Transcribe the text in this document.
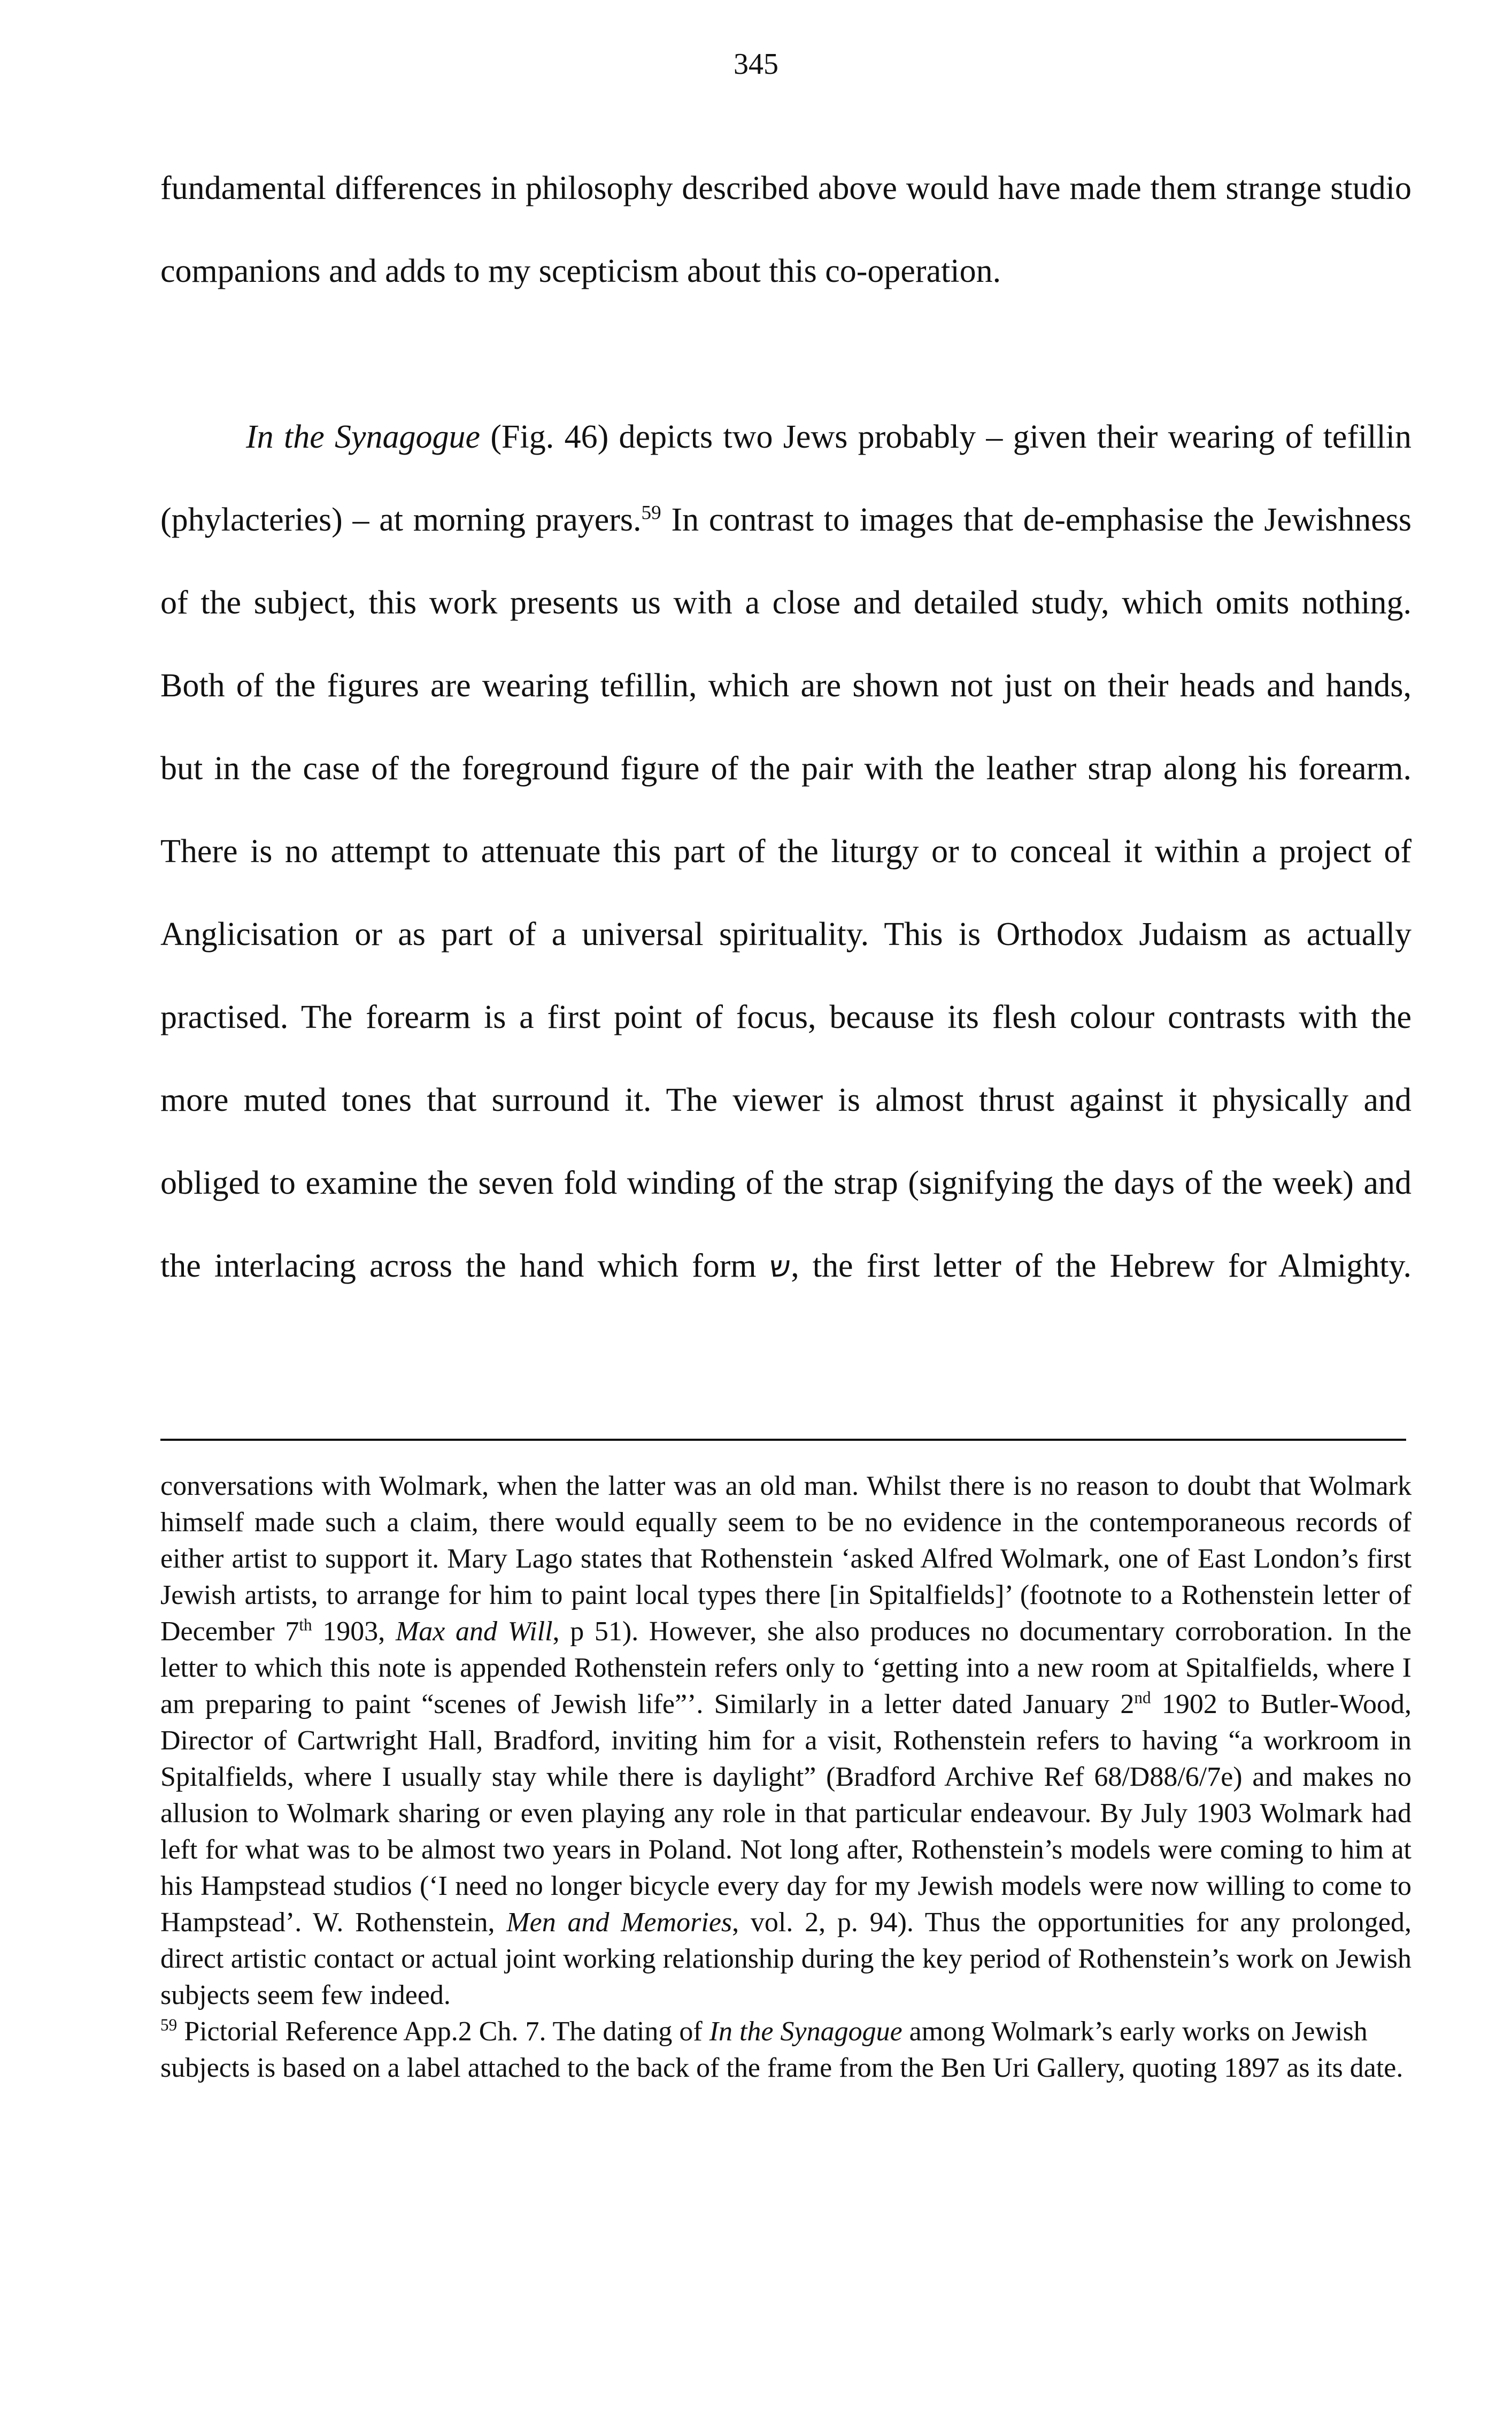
345

fundamental differences in philosophy described above would have made them strange studio companions and adds to my scepticism about this co-operation.

In the Synagogue (Fig. 46) depicts two Jews probably – given their wearing of tefillin (phylacteries) – at morning prayers.$^{59}$ In contrast to images that de-emphasise the Jewishness of the subject, this work presents us with a close and detailed study, which omits nothing. Both of the figures are wearing tefillin, which are shown not just on their heads and hands, but in the case of the foreground figure of the pair with the leather strap along his forearm. There is no attempt to attenuate this part of the liturgy or to conceal it within a project of Anglicisation or as part of a universal spirituality. This is Orthodox Judaism as actually practised. The forearm is a first point of focus, because its flesh colour contrasts with the more muted tones that surround it. The viewer is almost thrust against it physically and obliged to examine the seven fold winding of the strap (signifying the days of the week) and the interlacing across the hand which form ש, the first letter of the Hebrew for Almighty.

conversations with Wolmark, when the latter was an old man. Whilst there is no reason to doubt that Wolmark himself made such a claim, there would equally seem to be no evidence in the contemporaneous records of either artist to support it. Mary Lago states that Rothenstein ‘asked Alfred Wolmark, one of East London’s first Jewish artists, to arrange for him to paint local types there [in Spitalfields]’ (footnote to a Rothenstein letter of December 7th 1903, Max and Will, p 51). However, she also produces no documentary corroboration. In the letter to which this note is appended Rothenstein refers only to ‘getting into a new room at Spitalfields, where I am preparing to paint “scenes of Jewish life”’. Similarly in a letter dated January 2nd 1902 to Butler-Wood, Director of Cartwright Hall, Bradford, inviting him for a visit, Rothenstein refers to having “a workroom in Spitalfields, where I usually stay while there is daylight” (Bradford Archive Ref 68/D88/6/7e) and makes no allusion to Wolmark sharing or even playing any role in that particular endeavour. By July 1903 Wolmark had left for what was to be almost two years in Poland. Not long after, Rothenstein’s models were coming to him at his Hampstead studios (‘I need no longer bicycle every day for my Jewish models were now willing to come to Hampstead’. W. Rothenstein, Men and Memories, vol. 2, p. 94). Thus the opportunities for any prolonged, direct artistic contact or actual joint working relationship during the key period of Rothenstein’s work on Jewish subjects seem few indeed.

$^{59}$ Pictorial Reference App.2 Ch. 7. The dating of In the Synagogue among Wolmark’s early works on Jewish subjects is based on a label attached to the back of the frame from the Ben Uri Gallery, quoting 1897 as its date.
